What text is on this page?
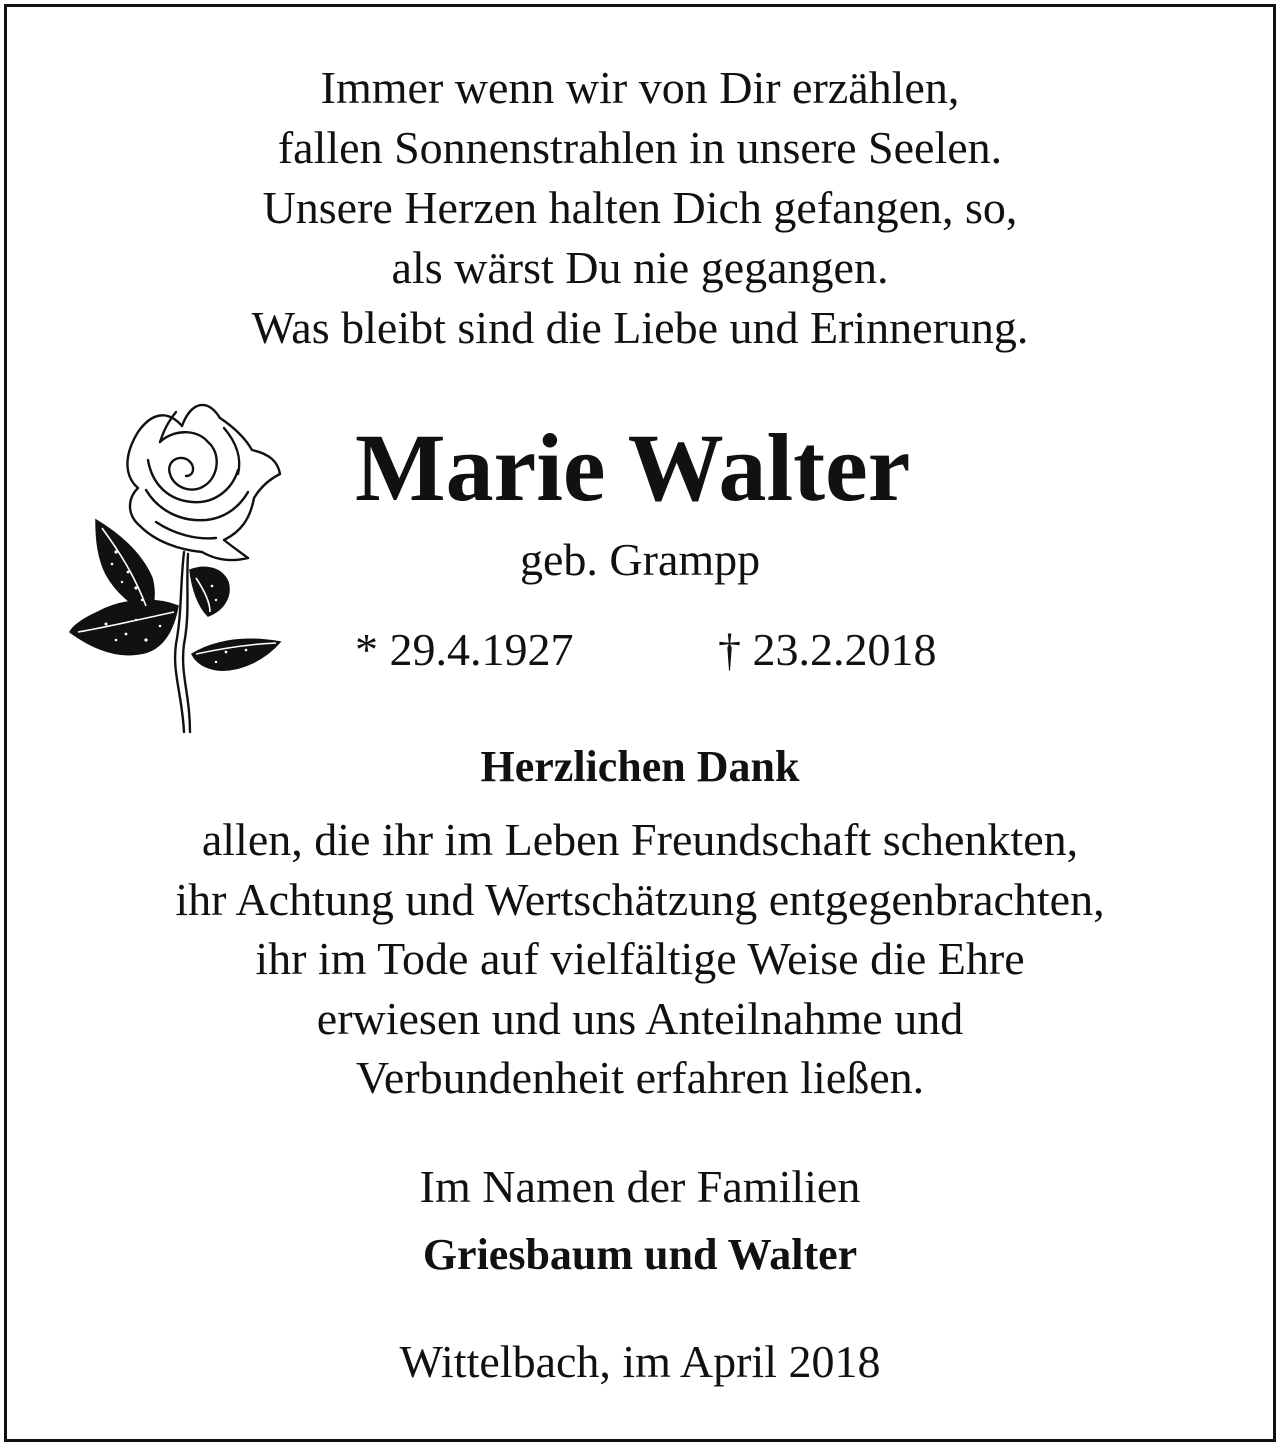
Immer wenn wir von Dir erzählen,
fallen Sonnenstrahlen in unsere Seelen.
Unsere Herzen halten Dich gefangen, so,
als wärst Du nie gegangen.
Was bleibt sind die Liebe und Erinnerung.
Marie Walter
geb. Grampp
* 29.4.1927	† 23.2.2018
Herzlichen Dank
allen, die ihr im Leben Freundschaft schenkten,
ihr Achtung und Wertschätzung entgegenbrachten,
ihr im Tode auf vielfältige Weise die Ehre
erwiesen und uns Anteilnahme und
Verbundenheit erfahren ließen.
Im Namen der Familien
Griesbaum und Walter
Wittelbach, im April 2018
